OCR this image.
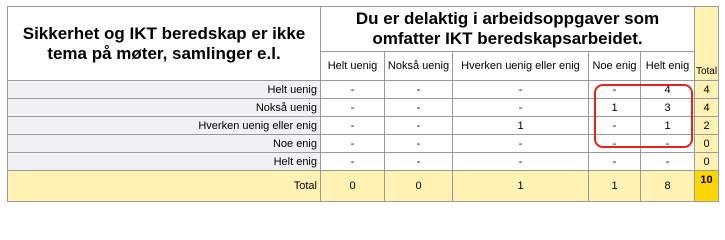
Sikkerhet og IKT beredskap er ikke tema på møter, samlinger e.l.	Du er delaktig i arbeidsoppgaver som omfatter IKT beredskapsarbeidet.					Total
	Helt uenig	Nokså uenig	Hverken uenig eller enig	Noe enig	Helt enig	
Helt uenig	-	-	-	-	4	4
Nokså uenig	-	-	-	1	3	4
Hverken uenig eller enig	-	-	1	-	1	2
Noe enig	-	-	-	-	-	0
Helt enig	-	-	-	-	-	0
Total	0	0	1	1	8	10
